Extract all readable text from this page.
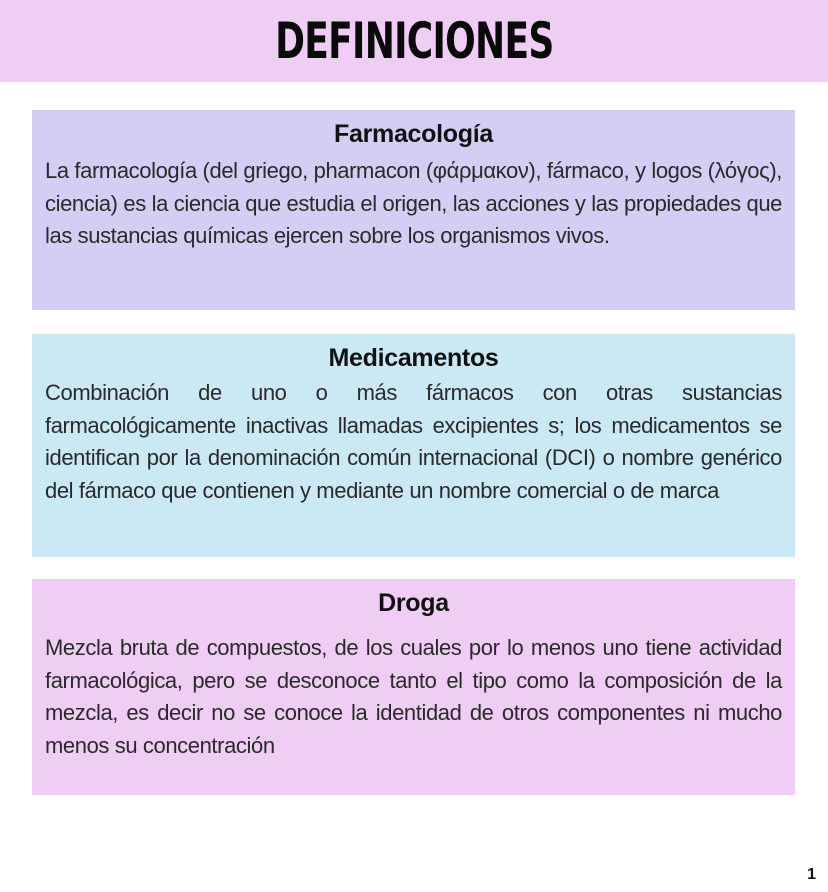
DEFINICIONES
Farmacología

La farmacología (del griego, pharmacon (φάρμακον), fármaco, y logos (λόγος), ciencia) es la ciencia que estudia el origen, las acciones y las propiedades que las sustancias químicas ejercen sobre los organismos vivos.

Medicamentos

Combinación de uno o más fármacos con otras sustancias farmacológicamente inactivas llamadas excipientes s; los medicamentos se identifican por la denominación común internacional (DCI) o nombre genérico del fármaco que contienen y mediante un nombre comercial o de marca

Droga

Mezcla bruta de compuestos, de los cuales por lo menos uno tiene actividad farmacológica, pero se desconoce tanto el tipo como la composición de la mezcla, es decir no se conoce la identidad de otros componentes ni mucho menos su concentración

1
